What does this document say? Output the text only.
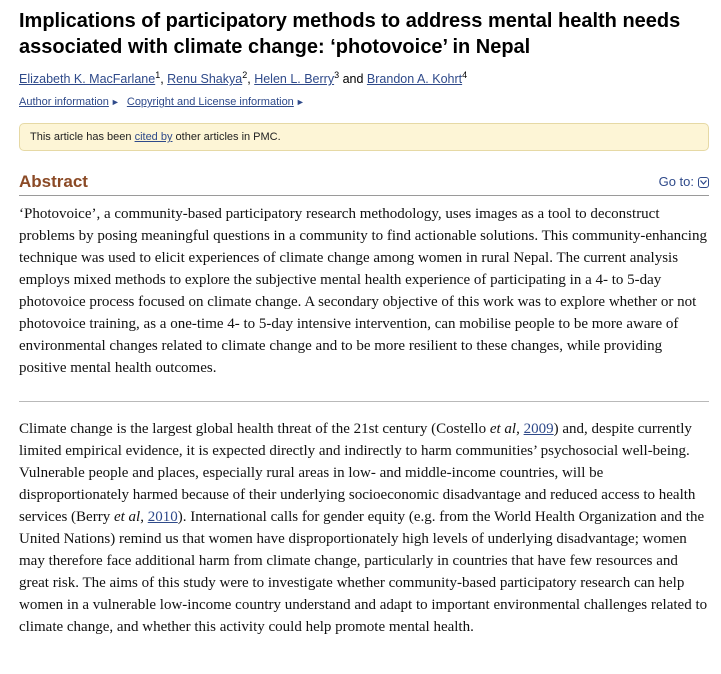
Implications of participatory methods to address mental health needs associated with climate change: ‘photovoice’ in Nepal
Elizabeth K. MacFarlane$^1$, Renu Shakya$^2$, Helen L. Berry$^3$ and Brandon A. Kohrt$^4$
Author information ► Copyright and License information ►
This article has been cited by other articles in PMC.
Abstract	Go to:

‘Photovoice’, a community-based participatory research methodology, uses images as a tool to deconstruct problems by posing meaningful questions in a community to find actionable solutions. This community-enhancing technique was used to elicit experiences of climate change among women in rural Nepal. The current analysis employs mixed methods to explore the subjective mental health experience of participating in a 4- to 5-day photovoice process focused on climate change. A secondary objective of this work was to explore whether or not photovoice training, as a one-time 4- to 5-day intensive intervention, can mobilise people to be more aware of environmental changes related to climate change and to be more resilient to these changes, while providing positive mental health outcomes.

Climate change is the largest global health threat of the 21st century (Costello et al, 2009) and, despite currently limited empirical evidence, it is expected directly and indirectly to harm communities’ psychosocial well-being. Vulnerable people and places, especially rural areas in low- and middle-income countries, will be disproportionately harmed because of their underlying socioeconomic disadvantage and reduced access to health services (Berry et al, 2010). International calls for gender equity (e.g. from the World Health Organization and the United Nations) remind us that women have disproportionately high levels of underlying disadvantage; women may therefore face additional harm from climate change, particularly in countries that have few resources and great risk. The aims of this study were to investigate whether community-based participatory research can help women in a vulnerable low-income country understand and adapt to important environmental challenges related to climate change, and whether this activity could help promote mental health.
